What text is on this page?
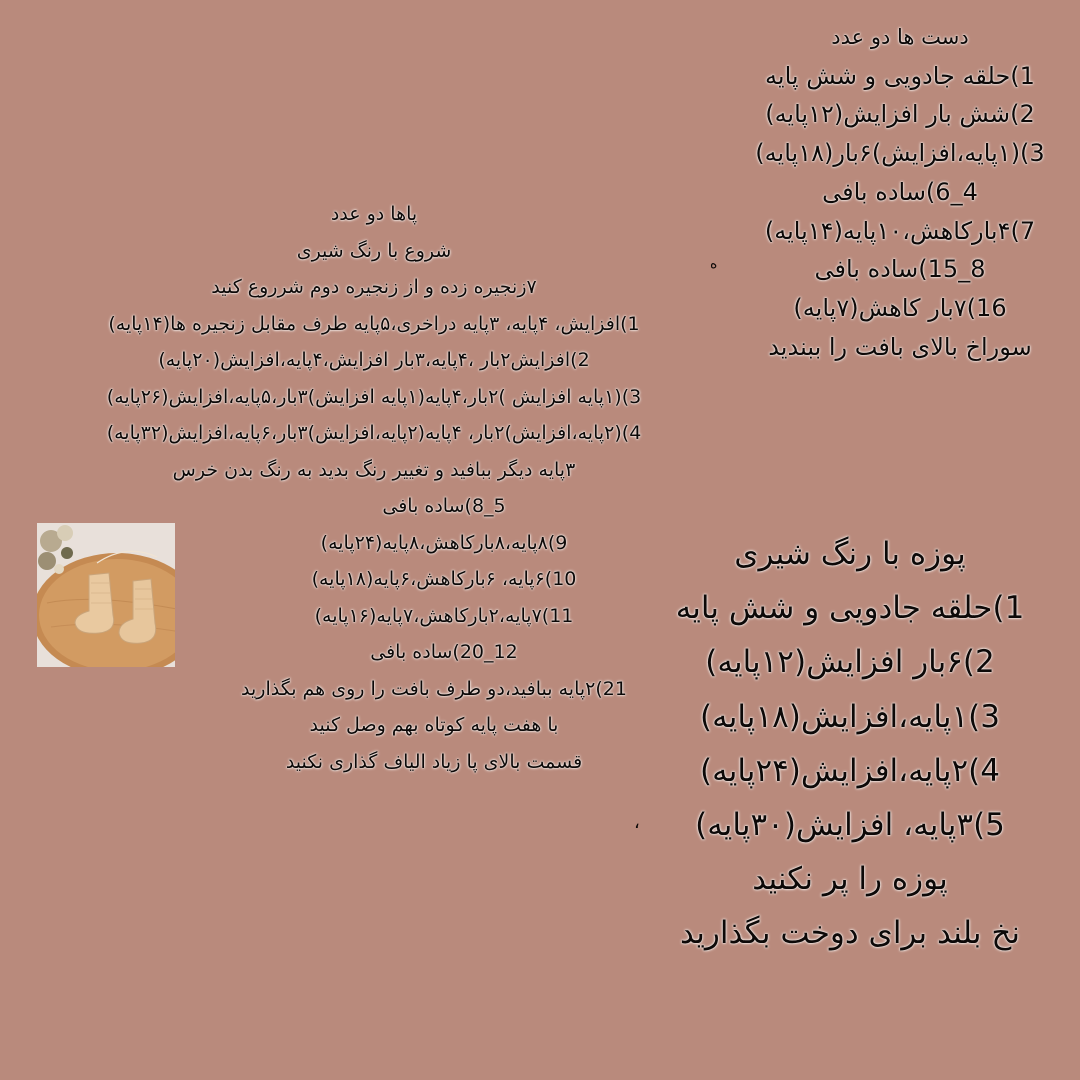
دست ها دو عدد
1)حلقه جادویی و شش پایه
2)شش بار افزایش(۱۲پایه)
3)(۱پایه،افزایش)۶بار(۱۸پایه)
4_6)ساده بافی
7)۴بارکاهش،۱۰پایه(۱۴پایه)
8_15)ساده بافی
16)۷بار کاهش(۷پایه)
سوراخ بالای بافت را ببندید
ه
پاها دو عدد
شروع با رنگ شیری
۷زنجیره زده و از زنجیره دوم شرروع کنید
1)افزایش، ۴پایه، ۳پایه دراخری،۵پایه طرف مقابل زنجیره ها(۱۴پایه)
2)افزایش۲بار ،۴پایه،۳بار افزایش،۴پایه،افزایش(۲۰پایه)
3)(۱پایه افزایش )۲بار،۴پایه(۱پایه افزایش)۳بار،۵پایه،افزایش(۲۶پایه)
4)(۲پایه،افزایش)۲بار، ۴پایه(۲پایه،افزایش)۳بار،۶پایه،افزایش(۳۲پایه)
۳پایه دیگر ببافید و تغییر رنگ بدید به رنگ بدن خرس
5_8)ساده بافی
9)۸پایه،۸بارکاهش،۸پایه(۲۴پایه)
10)۶پایه، ۶بارکاهش،۶پایه(۱۸پایه)
11)۷پایه،۲بارکاهش،۷پایه(۱۶پایه)
12_20)ساده بافی
21)۲پایه ببافید،دو طرف بافت را روی هم بگذارید
با هفت پایه کوتاه بهم وصل کنید
قسمت بالای پا زیاد الیاف گذاری نکنید
پوزه با رنگ شیری
1)حلقه جادویی و شش پایه
2)۶بار افزایش(۱۲پایه)
3)۱پایه،افزایش(۱۸پایه)
4)۲پایه،افزایش(۲۴پایه)
5)۳پایه، افزایش(۳۰پایه)
پوزه را پر نکنید
نخ بلند برای دوخت بگذارید
،
